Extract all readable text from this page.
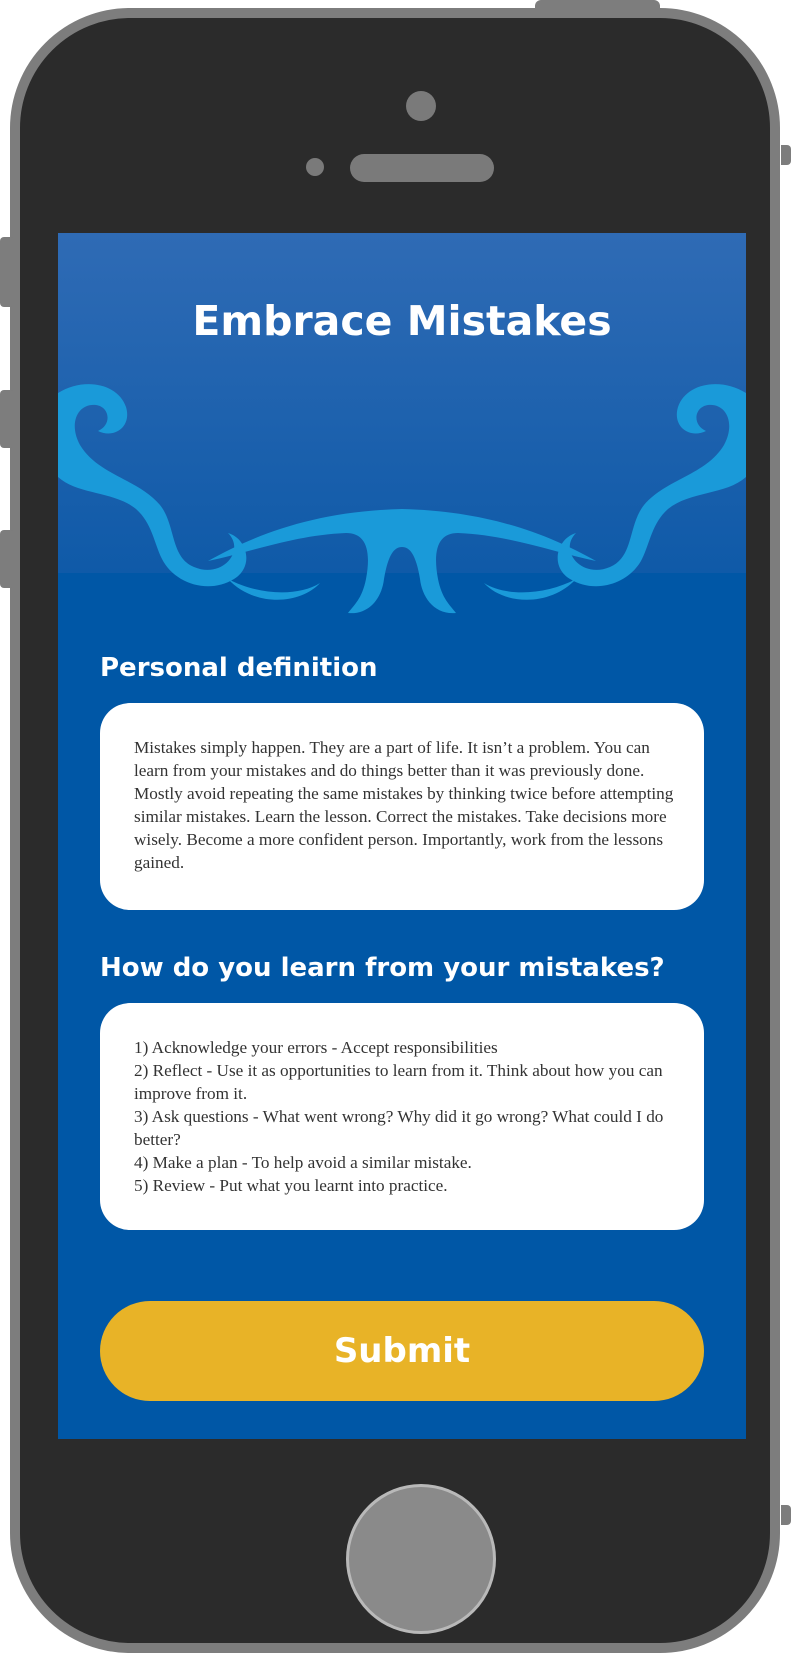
Embrace Mistakes
Personal definition

Mistakes simply happen. They are a part of life. It isn’t a problem. You can learn from your mistakes and do things better than it was previously done. Mostly avoid repeating the same mistakes by thinking twice before attempting similar mistakes. Learn the lesson. Correct the mistakes. Take decisions more wisely. Become a more confident person. Importantly, work from the lessons gained.

How do you learn from your mistakes?
1) Acknowledge your errors - Accept responsibilities
2) Reflect - Use it as opportunities to learn from it. Think about how you can improve from it.
3) Ask questions - What went wrong? Why did it go wrong? What could I do better?
4) Make a plan - To help avoid a similar mistake.
5) Review - Put what you learnt into practice.
Submit
